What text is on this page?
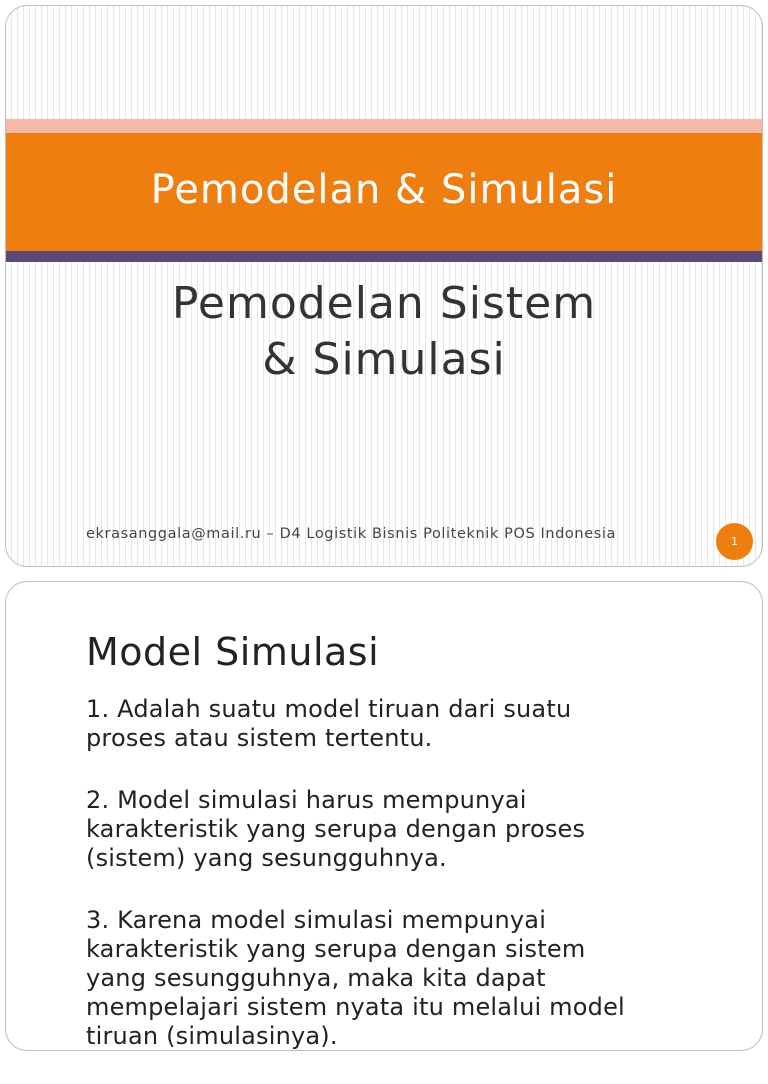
Pemodelan & Simulasi
Pemodelan Sistem
& Simulasi
ekrasanggala@mail.ru – D4 Logistik Bisnis Politeknik POS Indonesia	1
Model Simulasi
1. Adalah suatu model tiruan dari suatu
proses atau sistem tertentu.
2. Model simulasi harus mempunyai
karakteristik yang serupa dengan proses
(sistem) yang sesungguhnya.
3. Karena model simulasi mempunyai
karakteristik yang serupa dengan sistem
yang sesungguhnya, maka kita dapat
mempelajari sistem nyata itu melalui model
tiruan (simulasinya).
